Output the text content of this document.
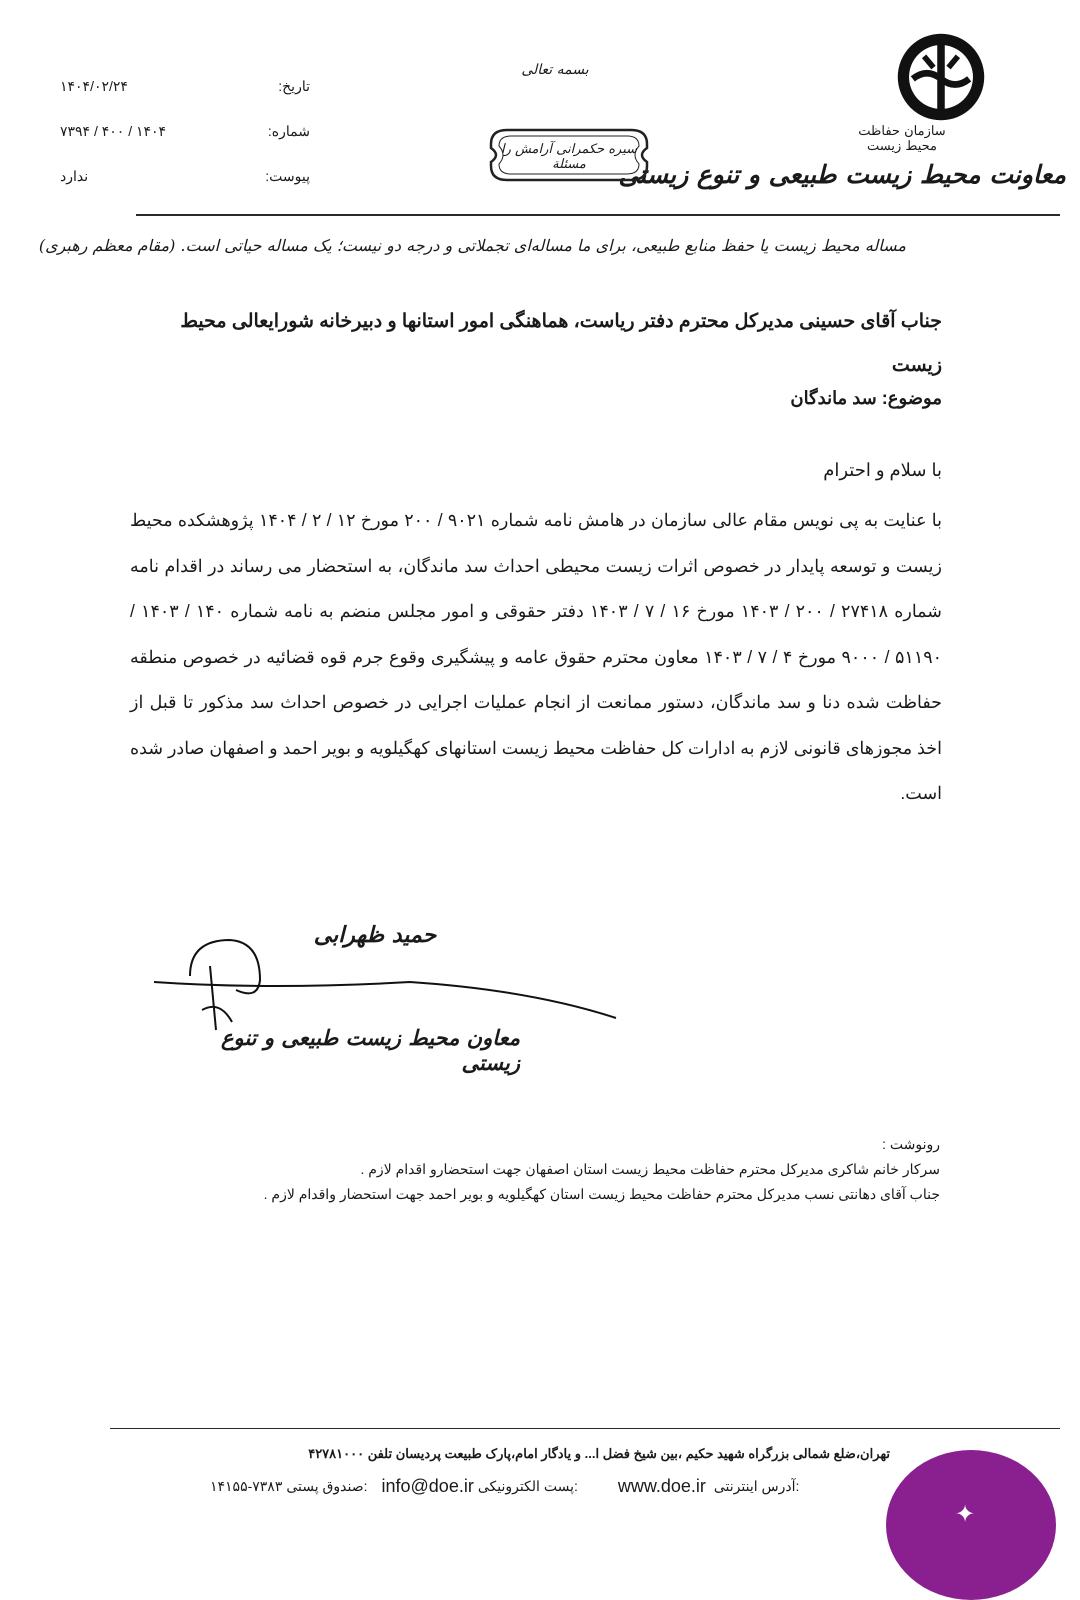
سازمان حفاظت محیط زیست
معاونت محیط زیست طبیعی و تنوع زیستی
بسمه تعالی
سیره حکمرانی آرامش را مسئلة
۱۴۰۴/۰۲/۲۴	تاریخ:
۱۴۰۴ / ۴۰۰ / ۷۳۹۴	شماره:
ندارد	پیوست:
مساله محیط زیست یا حفظ منابع طبیعی، برای ما مساله‌ای تجملاتی و درجه دو نیست؛ یک مساله حیاتی است. (مقام معظم رهبری)
جناب آقای حسینی مدیرکل محترم دفتر ریاست، هماهنگی امور استانها و دبیرخانه شورایعالی محیط زیست
موضوع: سد ماندگان
با سلام و احترام
با عنایت به پی نویس مقام عالی سازمان در هامش نامه شماره ۹۰۲۱ / ۲۰۰ مورخ ۱۲ / ۲ / ۱۴۰۴ پژوهشکده محیط زیست و توسعه پایدار در خصوص اثرات زیست محیطی احداث سد ماندگان، به استحضار می رساند در اقدام نامه شماره ۲۷۴۱۸ / ۲۰۰ / ۱۴۰۳ مورخ ۱۶ / ۷ / ۱۴۰۳ دفتر حقوقی و امور مجلس منضم به نامه شماره ۱۴۰ / ۱۴۰۳ / ۵۱۱۹۰ / ۹۰۰۰ مورخ ۴ / ۷ / ۱۴۰۳ معاون محترم حقوق عامه و پیشگیری وقوع جرم قوه قضائیه در خصوص منطقه حفاظت شده دنا و سد ماندگان، دستور ممانعت از انجام عملیات اجرایی در خصوص احداث سد مذکور تا قبل از اخذ مجوزهای قانونی لازم به ادارات کل حفاظت محیط زیست استانهای کهگیلویه و بویر احمد و اصفهان صادر شده است.
حمید ظهرابی
معاون محیط زیست طبیعی و تنوع زیستی
رونوشت :
سرکار خانم شاکری مدیرکل محترم حفاظت محیط زیست استان اصفهان جهت استحضارو اقدام لازم .
جناب آقای دهانتی نسب مدیرکل محترم حفاظت محیط زیست استان کهگیلویه و بویر احمد جهت استحضار واقدام لازم .
تهران،ضلع شمالی بزرگراه شهید حکیم ،بین شیخ فضل ا... و یادگار امام،پارک طبیعت پردیسان تلفن ۴۲۷۸۱۰۰۰
۱۴۱۵۵-۷۳۸۳ صندوق پستی: info@doe.ir پست الکترونیکی: www.doe.ir آدرس اینترنتی:
✦
